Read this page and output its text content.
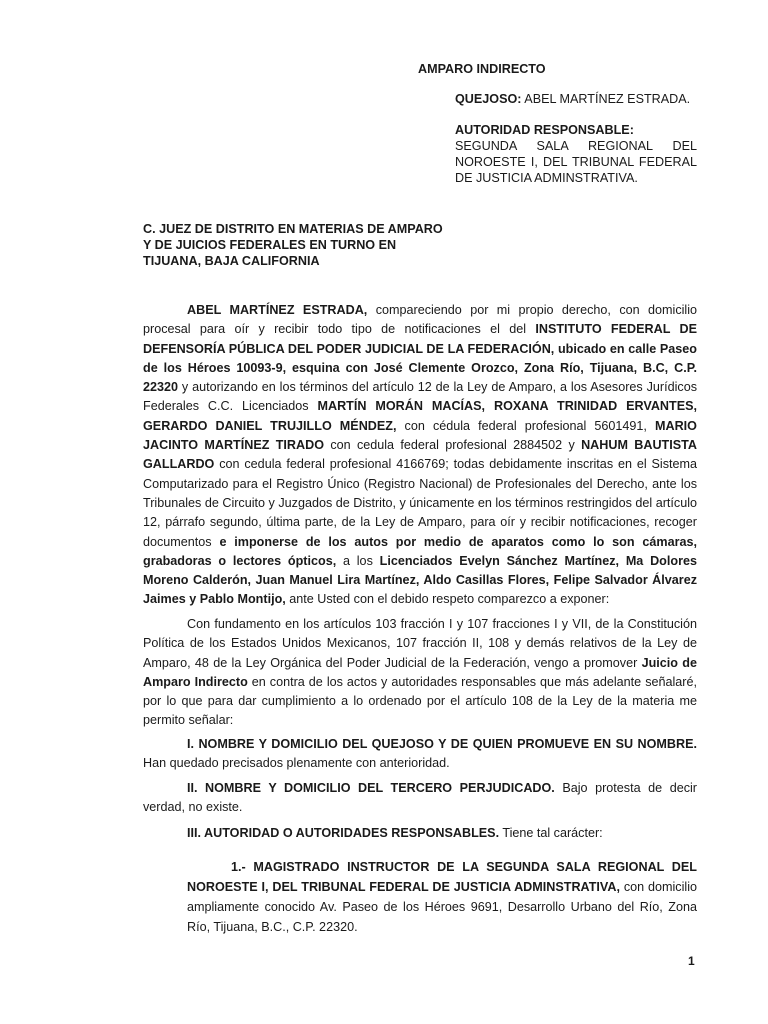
AMPARO INDIRECTO
QUEJOSO: ABEL MARTÍNEZ ESTRADA.
AUTORIDAD RESPONSABLE:
SEGUNDA SALA REGIONAL DEL
NOROESTE I, DEL TRIBUNAL FEDERAL
DE JUSTICIA ADMINSTRATIVA.
C. JUEZ DE DISTRITO EN MATERIAS DE AMPARO
Y DE JUICIOS FEDERALES EN TURNO EN
TIJUANA, BAJA CALIFORNIA

ABEL MARTÍNEZ ESTRADA, compareciendo por mi propio derecho, con domicilio procesal para oír y recibir todo tipo de notificaciones el del INSTITUTO FEDERAL DE DEFENSORÍA PÚBLICA DEL PODER JUDICIAL DE LA FEDERACIÓN, ubicado en calle Paseo de los Héroes 10093-9, esquina con José Clemente Orozco, Zona Río, Tijuana, B.C, C.P. 22320 y autorizando en los términos del artículo 12 de la Ley de Amparo, a los Asesores Jurídicos Federales C.C. Licenciados MARTÍN MORÁN MACÍAS, ROXANA TRINIDAD ERVANTES, GERARDO DANIEL TRUJILLO MÉNDEZ, con cédula federal profesional 5601491, MARIO JACINTO MARTÍNEZ TIRADO con cedula federal profesional 2884502 y NAHUM BAUTISTA GALLARDO con cedula federal profesional 4166769; todas debidamente inscritas en el Sistema Computarizado para el Registro Único (Registro Nacional) de Profesionales del Derecho, ante los Tribunales de Circuito y Juzgados de Distrito, y únicamente en los términos restringidos del artículo 12, párrafo segundo, última parte, de la Ley de Amparo, para oír y recibir notificaciones, recoger documentos e imponerse de los autos por medio de aparatos como lo son cámaras, grabadoras o lectores ópticos, a los Licenciados Evelyn Sánchez Martínez, Ma Dolores Moreno Calderón, Juan Manuel Lira Martínez, Aldo Casillas Flores, Felipe Salvador Álvarez Jaimes y Pablo Montijo, ante Usted con el debido respeto comparezco a exponer:

Con fundamento en los artículos 103 fracción I y 107 fracciones I y VII, de la Constitución Política de los Estados Unidos Mexicanos, 107 fracción II, 108 y demás relativos de la Ley de Amparo, 48 de la Ley Orgánica del Poder Judicial de la Federación, vengo a promover Juicio de Amparo Indirecto en contra de los actos y autoridades responsables que más adelante señalaré, por lo que para dar cumplimiento a lo ordenado por el artículo 108 de la Ley de la materia me permito señalar:

I. NOMBRE Y DOMICILIO DEL QUEJOSO Y DE QUIEN PROMUEVE EN SU NOMBRE. Han quedado precisados plenamente con anterioridad.

II. NOMBRE Y DOMICILIO DEL TERCERO PERJUDICADO. Bajo protesta de decir verdad, no existe.

III. AUTORIDAD O AUTORIDADES RESPONSABLES. Tiene tal carácter:

1.- MAGISTRADO INSTRUCTOR DE LA SEGUNDA SALA REGIONAL DEL NOROESTE I, DEL TRIBUNAL FEDERAL DE JUSTICIA ADMINSTRATIVA, con domicilio ampliamente conocido Av. Paseo de los Héroes 9691, Desarrollo Urbano del Río, Zona Río, Tijuana, B.C., C.P. 22320.

1
